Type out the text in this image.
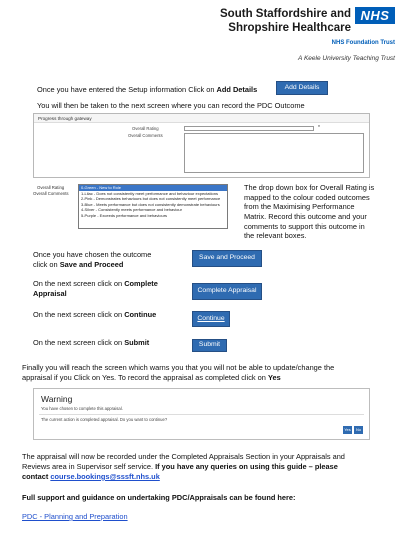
South Staffordshire and
Shropshire Healthcare
NHS
NHS Foundation Trust
A Keele University Teaching Trust
Once you have entered the Setup information Click on Add Details	Add Details
You will then be taken to the next screen where you can record the PDC Outcome
Progress through gateway
Overall Rating
Overall Comments
*
Overall Rating
Overall Comments
0-Green - New to Role
1-Lilac - Does not consistently meet performance and behaviour expectations
2-Pink - Demonstrates behaviours but does not consistently meet performance
3-Blue - Meets performance but does not consistently demonstrate behaviours
4-Silver - Consistently meets performance and behaviour
5-Purple - Exceeds performance and behaviours
The drop down box for Overall Rating is
mapped to the colour coded outcomes
from the Maximising Performance
Matrix. Record this outcome and your
comments to support this outcome in
the relevant boxes.
Once you have chosen the outcome
click on Save and Proceed
Save and Proceed
On the next screen click on Complete
Appraisal	Complete Appraisal
On the next screen click on Continue	Continue
On the next screen click on Submit	Submit
Finally you will reach the screen which warns you that you will not be able to update/change the
appraisal if you Click on Yes. To record the appraisal as completed click on Yes
Warning
You have chosen to complete this appraisal.
The current action is completed appraisal. Do you want to continue?
Yes	No
The appraisal will now be recorded under the Completed Appraisals Section in your Appraisals and
Reviews area in Supervisor self service. If you have any queries on using this guide – please
contact course.bookings@sssft.nhs.uk
Full support and guidance on undertaking PDC/Appraisals can be found here:
PDC - Planning and Preparation
